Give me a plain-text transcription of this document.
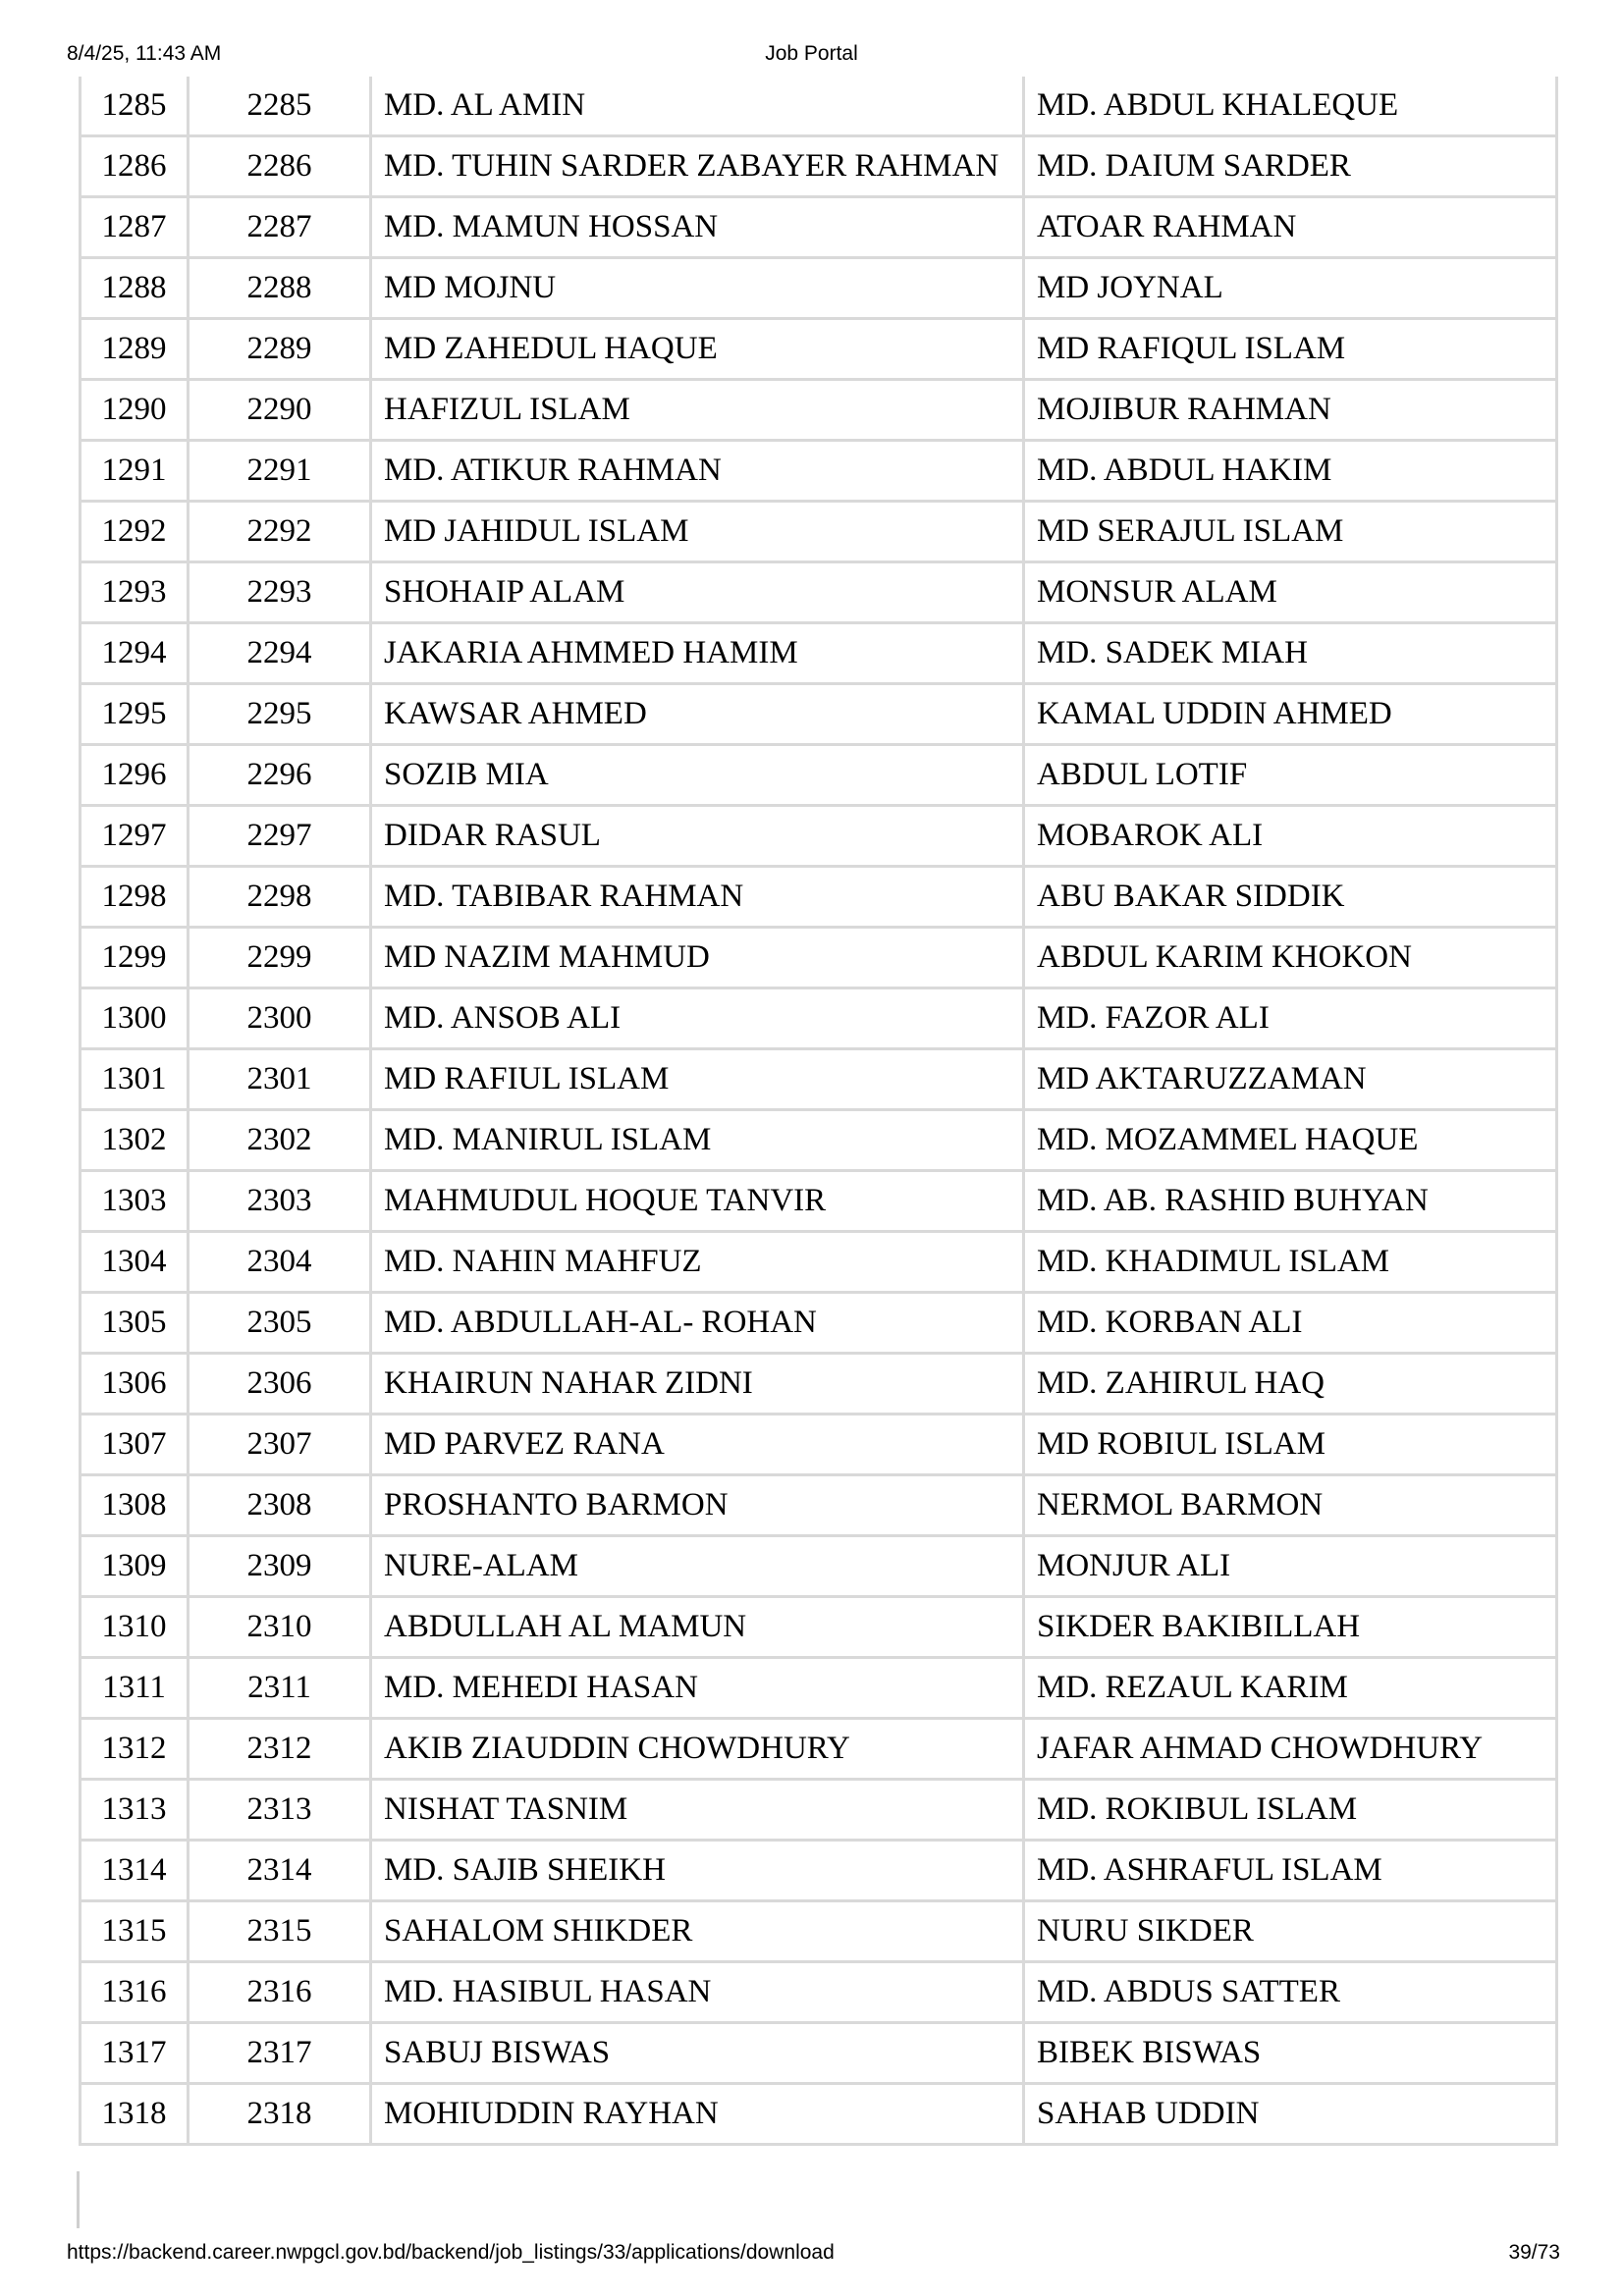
8/4/25, 11:43 AM	Job Portal
1285	2285	MD. AL AMIN	MD. ABDUL KHALEQUE
1286	2286	MD. TUHIN SARDER ZABAYER RAHMAN	MD. DAIUM SARDER
1287	2287	MD. MAMUN HOSSAN	ATOAR RAHMAN
1288	2288	MD MOJNU	MD JOYNAL
1289	2289	MD ZAHEDUL HAQUE	MD RAFIQUL ISLAM
1290	2290	HAFIZUL ISLAM	MOJIBUR RAHMAN
1291	2291	MD. ATIKUR RAHMAN	MD. ABDUL HAKIM
1292	2292	MD JAHIDUL ISLAM	MD SERAJUL ISLAM
1293	2293	SHOHAIP ALAM	MONSUR ALAM
1294	2294	JAKARIA AHMMED HAMIM	MD. SADEK MIAH
1295	2295	KAWSAR AHMED	KAMAL UDDIN AHMED
1296	2296	SOZIB MIA	ABDUL LOTIF
1297	2297	DIDAR RASUL	MOBAROK ALI
1298	2298	MD. TABIBAR RAHMAN	ABU BAKAR SIDDIK
1299	2299	MD NAZIM MAHMUD	ABDUL KARIM KHOKON
1300	2300	MD. ANSOB ALI	MD. FAZOR ALI
1301	2301	MD RAFIUL ISLAM	MD AKTARUZZAMAN
1302	2302	MD. MANIRUL ISLAM	MD. MOZAMMEL HAQUE
1303	2303	MAHMUDUL HOQUE TANVIR	MD. AB. RASHID BUHYAN
1304	2304	MD. NAHIN MAHFUZ	MD. KHADIMUL ISLAM
1305	2305	MD. ABDULLAH-AL- ROHAN	MD. KORBAN ALI
1306	2306	KHAIRUN NAHAR ZIDNI	MD. ZAHIRUL HAQ
1307	2307	MD PARVEZ RANA	MD ROBIUL ISLAM
1308	2308	PROSHANTO BARMON	NERMOL BARMON
1309	2309	NURE-ALAM	MONJUR ALI
1310	2310	ABDULLAH AL MAMUN	SIKDER BAKIBILLAH
1311	2311	MD. MEHEDI HASAN	MD. REZAUL KARIM
1312	2312	AKIB ZIAUDDIN CHOWDHURY	JAFAR AHMAD CHOWDHURY
1313	2313	NISHAT TASNIM	MD. ROKIBUL ISLAM
1314	2314	MD. SAJIB SHEIKH	MD. ASHRAFUL ISLAM
1315	2315	SAHALOM SHIKDER	NURU SIKDER
1316	2316	MD. HASIBUL HASAN	MD. ABDUS SATTER
1317	2317	SABUJ BISWAS	BIBEK BISWAS
1318	2318	MOHIUDDIN RAYHAN	SAHAB UDDIN
https://backend.career.nwpgcl.gov.bd/backend/job_listings/33/applications/download	39/73
